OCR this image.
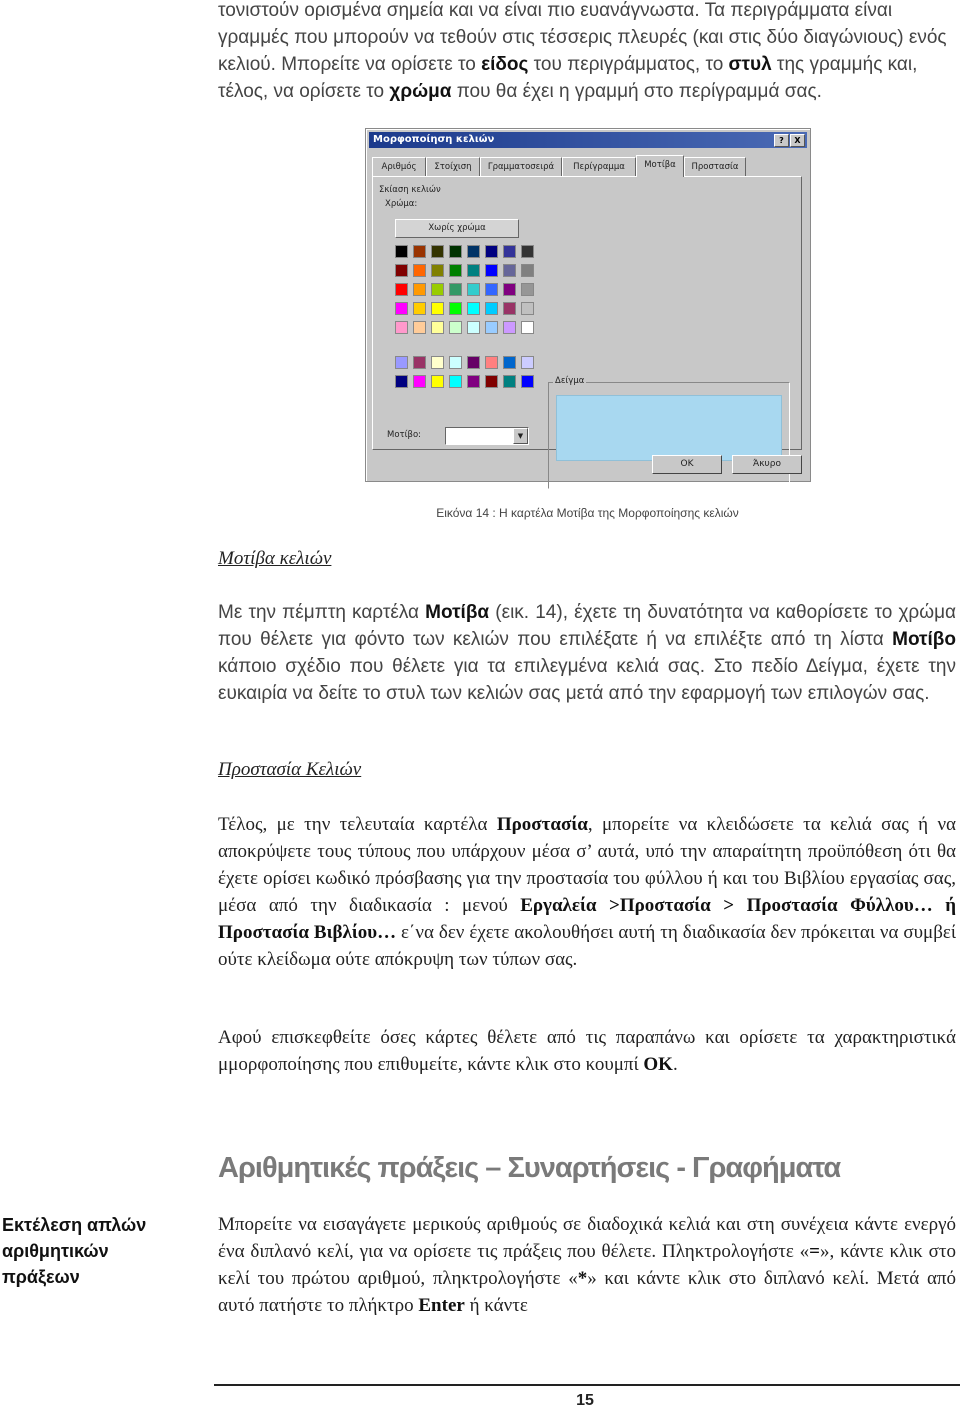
τονιστούν ορισμένα σημεία και να είναι πιο ευανάγνωστα. Τα περιγράμματα είναι

γραμμές που μπορούν να τεθούν στις τέσσερις πλευρές (και στις δύο διαγώνιους) ενός

κελιού. Μπορείτε να ορίσετε το είδος του περιγράμματος, το στυλ της γραμμής και,

τέλος, να ορίσετε το χρώμα που θα έχει η γραμμή στο περίγραμμά σας.

Μορφοποίηση κελιών	?	X
Αριθμός	Στοίχιση	Γραμματοσειρά	Περίγραμμα	Μοτίβα	Προστασία
Σκίαση κελιών
Χρώμα:
Χωρίς χρώμα
Δείγμα
Μοτίβο:	▼
OK	Άκυρο
Εικόνα 14 : Η καρτέλα Μοτίβα της Μορφοποίησης κελιών
Μοτίβα κελιών

Με την πέμπτη καρτέλα Μοτίβα (εικ. 14), έχετε τη δυνατότητα να καθορίσετε το χρώμα που θέλετε για φόντο των κελιών που επιλέξατε ή να επιλέξτε από τη λίστα Μοτίβο κάποιο σχέδιο που θέλετε για τα επιλεγμένα κελιά σας. Στο πεδίο Δείγμα, έχετε την ευκαιρία να δείτε το στυλ των κελιών σας μετά από την εφαρμογή των επιλογών σας.

Προστασία Κελιών

Τέλος, με την τελευταία καρτέλα Προστασία, μπορείτε να κλειδώσετε τα κελιά σας ή να αποκρύψετε τους τύπους που υπάρχουν μέσα σ’ αυτά, υπό την απαραίτητη προϋπόθεση ότι θα έχετε ορίσει κωδικό πρόσβασης για την προστασία του φύλλου ή και του Βιβλίου εργασίας σας, μέσα από την διαδικασία : μενού Εργαλεία >Προστασία > Προστασία Φύλλου… ή Προστασία Βιβλίου… ε΄να δεν έχετε ακολουθήσει αυτή τη διαδικασία δεν πρόκειται να συμβεί ούτε κλείδωμα ούτε απόκρυψη των τύπων σας.

Αφού επισκεφθείτε όσες κάρτες θέλετε από τις παραπάνω και ορίσετε τα χαρακτηριστικά μμορφοποίησης που επιθυμείτε, κάντε κλικ στο κουμπί OK.

Αριθμητικές πράξεις – Συναρτήσεις - Γραφήματα
Εκτέλεση απλών αριθμητικών πράξεων

Μπορείτε να εισαγάγετε μερικούς αριθμούς σε διαδοχικά κελιά και στη συνέχεια κάντε ενεργό ένα διπλανό κελί, για να ορίσετε τις πράξεις που θέλετε. Πληκτρολογήστε «=», κάντε κλικ στο κελί του πρώτου αριθμού, πληκτρολογήστε «*» και κάντε κλικ στο διπλανό κελί. Μετά από αυτό πατήστε το πλήκτρο Enter ή κάντε

15
